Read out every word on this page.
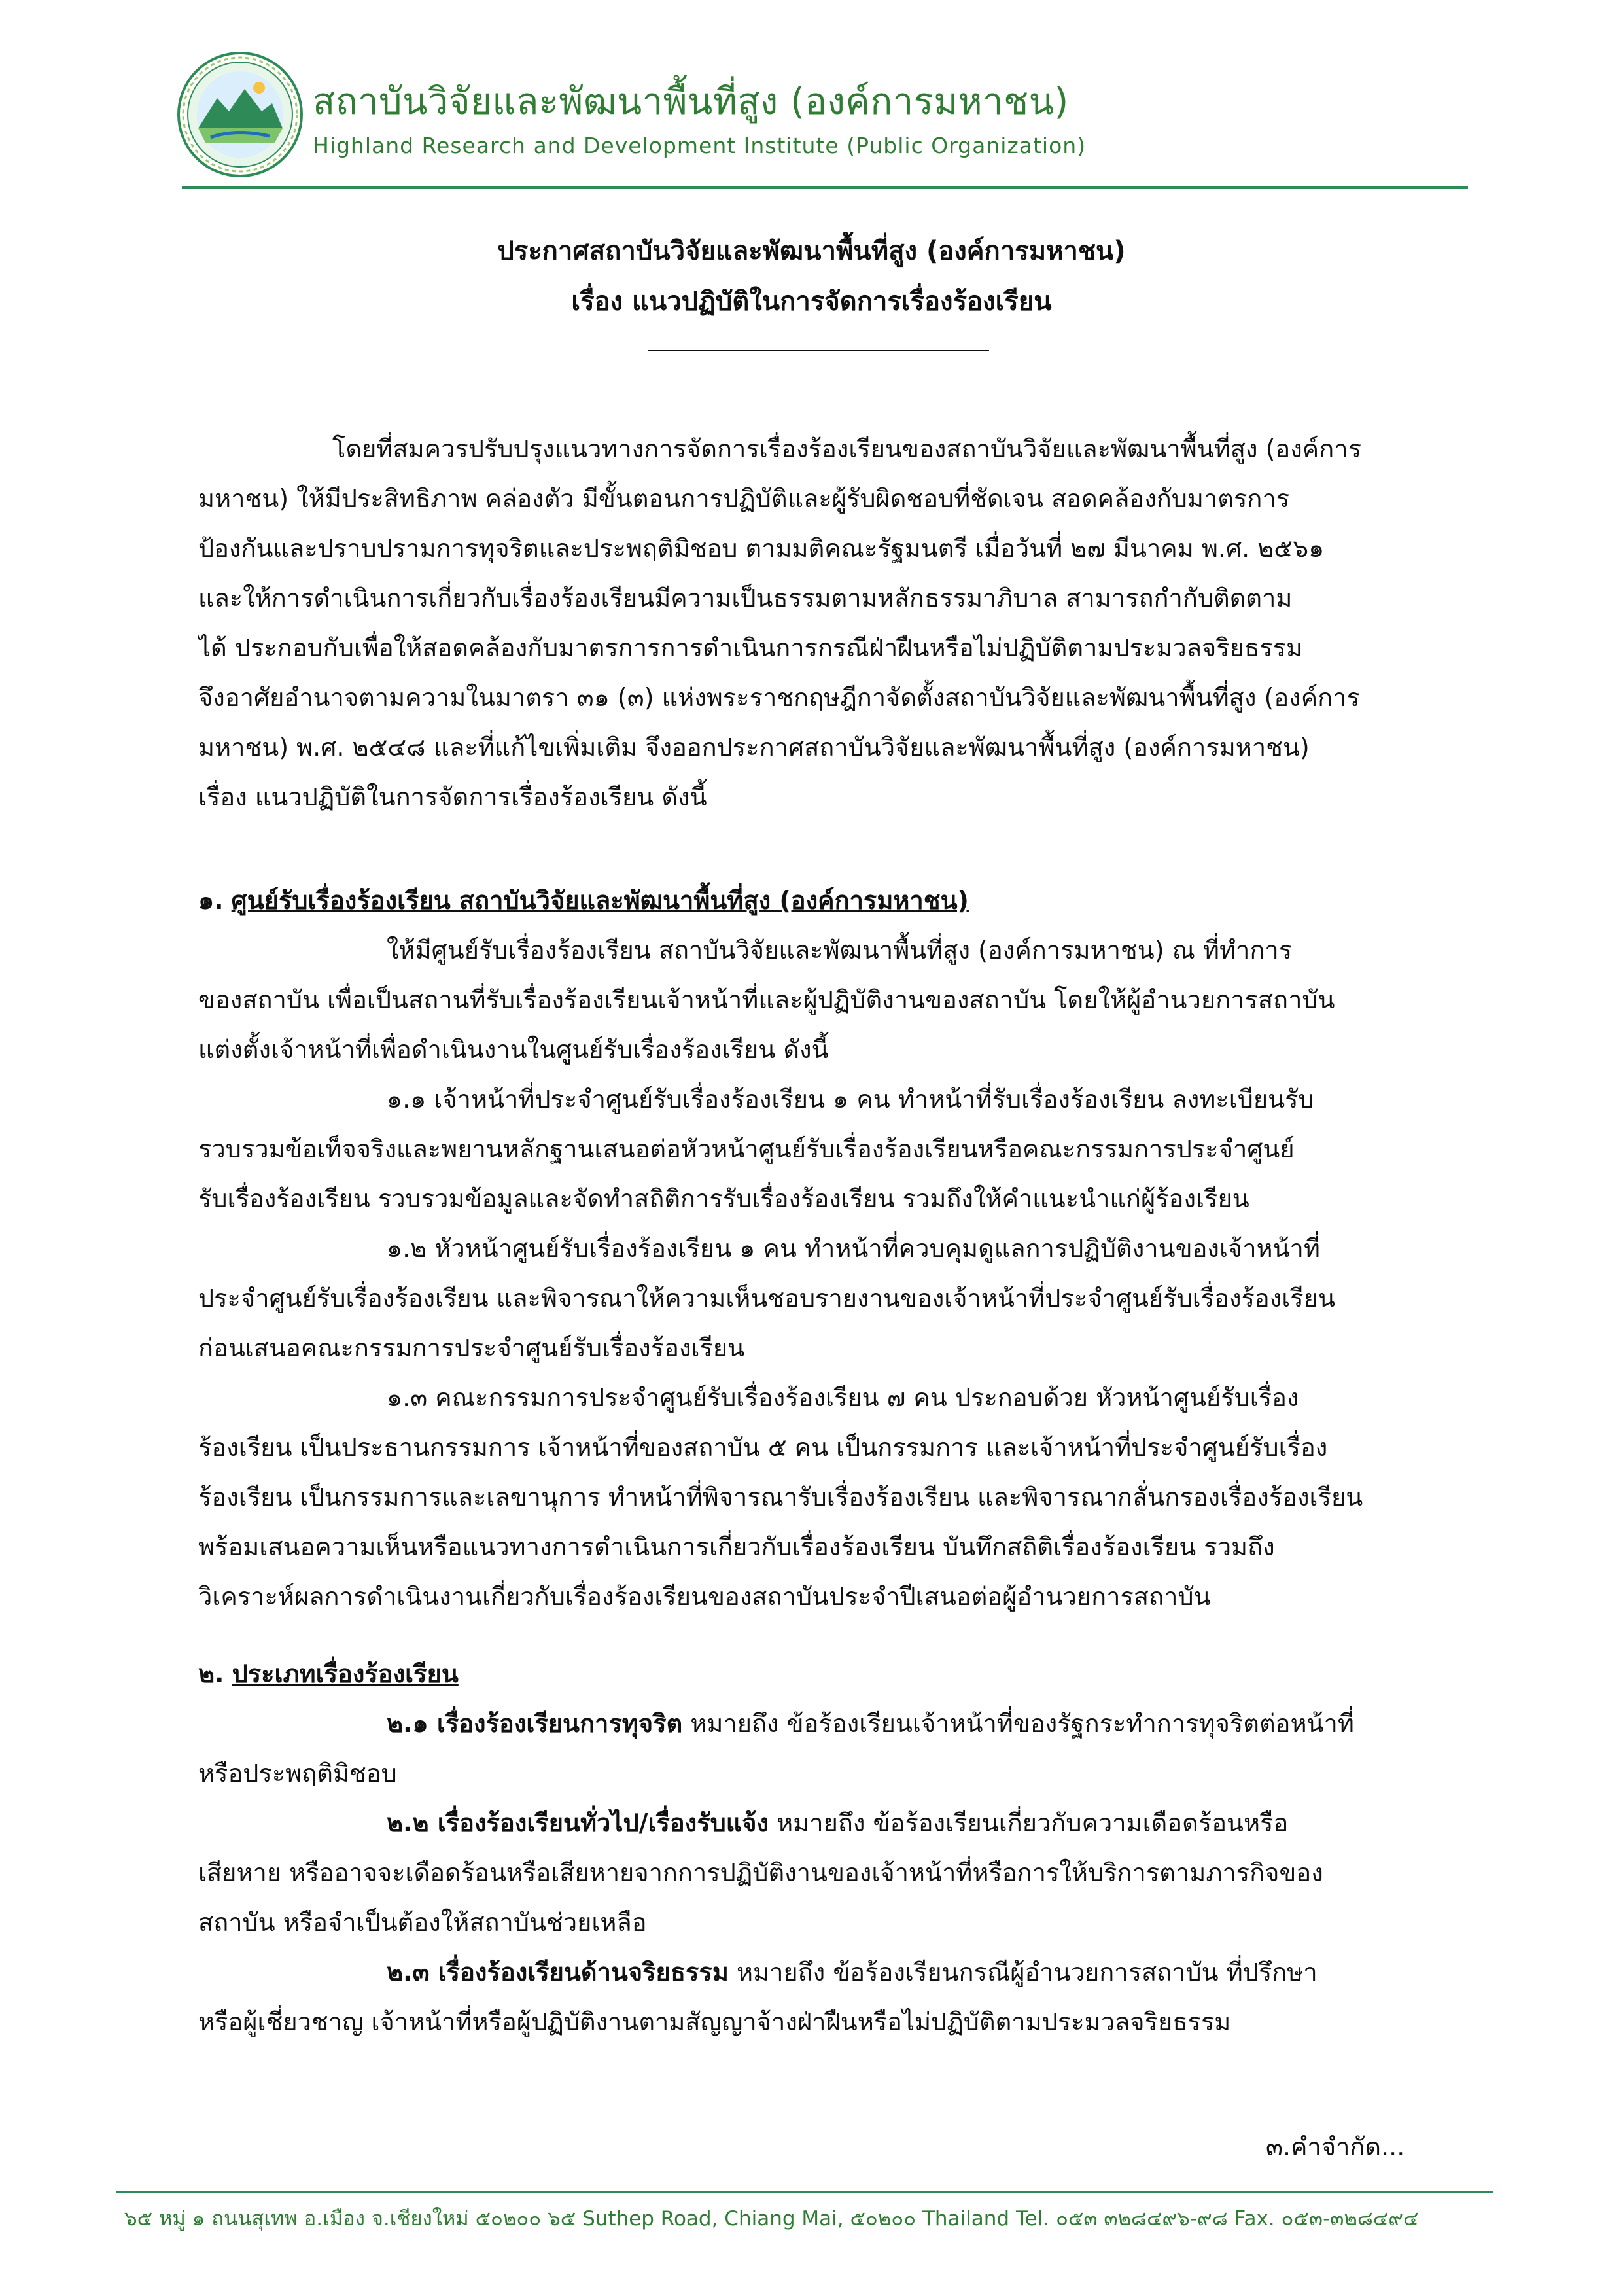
สถาบันวิจัยและพัฒนาพื้นที่สูง (องค์การมหาชน)
Highland Research and Development Institute (Public Organization)
ประกาศสถาบันวิจัยและพัฒนาพื้นที่สูง (องค์การมหาชน)
เรื่อง แนวปฏิบัติในการจัดการเรื่องร้องเรียน
โดยที่สมควรปรับปรุงแนวทางการจัดการเรื่องร้องเรียนของสถาบันวิจัยและพัฒนาพื้นที่สูง (องค์การ
มหาชน) ให้มีประสิทธิภาพ คล่องตัว มีขั้นตอนการปฏิบัติและผู้รับผิดชอบที่ชัดเจน สอดคล้องกับมาตรการ
ป้องกันและปราบปรามการทุจริตและประพฤติมิชอบ ตามมติคณะรัฐมนตรี เมื่อวันที่ ๒๗ มีนาคม พ.ศ. ๒๕๖๑
และให้การดำเนินการเกี่ยวกับเรื่องร้องเรียนมีความเป็นธรรมตามหลักธรรมาภิบาล สามารถกำกับติดตาม
ได้ ประกอบกับเพื่อให้สอดคล้องกับมาตรการการดำเนินการกรณีฝ่าฝืนหรือไม่ปฏิบัติตามประมวลจริยธรรม
จึงอาศัยอำนาจตามความในมาตรา ๓๑ (๓) แห่งพระราชกฤษฎีกาจัดตั้งสถาบันวิจัยและพัฒนาพื้นที่สูง (องค์การ
มหาชน) พ.ศ. ๒๕๔๘ และที่แก้ไขเพิ่มเติม จึงออกประกาศสถาบันวิจัยและพัฒนาพื้นที่สูง (องค์การมหาชน)
เรื่อง แนวปฏิบัติในการจัดการเรื่องร้องเรียน ดังนี้
๑. ศูนย์รับเรื่องร้องเรียน สถาบันวิจัยและพัฒนาพื้นที่สูง (องค์การมหาชน)
ให้มีศูนย์รับเรื่องร้องเรียน สถาบันวิจัยและพัฒนาพื้นที่สูง (องค์การมหาชน) ณ ที่ทำการ
ของสถาบัน เพื่อเป็นสถานที่รับเรื่องร้องเรียนเจ้าหน้าที่และผู้ปฏิบัติงานของสถาบัน โดยให้ผู้อำนวยการสถาบัน
แต่งตั้งเจ้าหน้าที่เพื่อดำเนินงานในศูนย์รับเรื่องร้องเรียน ดังนี้
๑.๑ เจ้าหน้าที่ประจำศูนย์รับเรื่องร้องเรียน ๑ คน ทำหน้าที่รับเรื่องร้องเรียน ลงทะเบียนรับ
รวบรวมข้อเท็จจริงและพยานหลักฐานเสนอต่อหัวหน้าศูนย์รับเรื่องร้องเรียนหรือคณะกรรมการประจำศูนย์
รับเรื่องร้องเรียน รวบรวมข้อมูลและจัดทำสถิติการรับเรื่องร้องเรียน รวมถึงให้คำแนะนำแก่ผู้ร้องเรียน
๑.๒ หัวหน้าศูนย์รับเรื่องร้องเรียน ๑ คน ทำหน้าที่ควบคุมดูแลการปฏิบัติงานของเจ้าหน้าที่
ประจำศูนย์รับเรื่องร้องเรียน และพิจารณาให้ความเห็นชอบรายงานของเจ้าหน้าที่ประจำศูนย์รับเรื่องร้องเรียน
ก่อนเสนอคณะกรรมการประจำศูนย์รับเรื่องร้องเรียน
๑.๓ คณะกรรมการประจำศูนย์รับเรื่องร้องเรียน ๗ คน ประกอบด้วย หัวหน้าศูนย์รับเรื่อง
ร้องเรียน เป็นประธานกรรมการ เจ้าหน้าที่ของสถาบัน ๕ คน เป็นกรรมการ และเจ้าหน้าที่ประจำศูนย์รับเรื่อง
ร้องเรียน เป็นกรรมการและเลขานุการ ทำหน้าที่พิจารณารับเรื่องร้องเรียน และพิจารณากลั่นกรองเรื่องร้องเรียน
พร้อมเสนอความเห็นหรือแนวทางการดำเนินการเกี่ยวกับเรื่องร้องเรียน บันทึกสถิติเรื่องร้องเรียน รวมถึง
วิเคราะห์ผลการดำเนินงานเกี่ยวกับเรื่องร้องเรียนของสถาบันประจำปีเสนอต่อผู้อำนวยการสถาบัน
๒. ประเภทเรื่องร้องเรียน
๒.๑ เรื่องร้องเรียนการทุจริต หมายถึง ข้อร้องเรียนเจ้าหน้าที่ของรัฐกระทำการทุจริตต่อหน้าที่
หรือประพฤติมิชอบ
๒.๒ เรื่องร้องเรียนทั่วไป/เรื่องรับแจ้ง หมายถึง ข้อร้องเรียนเกี่ยวกับความเดือดร้อนหรือ
เสียหาย หรืออาจจะเดือดร้อนหรือเสียหายจากการปฏิบัติงานของเจ้าหน้าที่หรือการให้บริการตามภารกิจของ
สถาบัน หรือจำเป็นต้องให้สถาบันช่วยเหลือ
๒.๓ เรื่องร้องเรียนด้านจริยธรรม หมายถึง ข้อร้องเรียนกรณีผู้อำนวยการสถาบัน ที่ปรึกษา
หรือผู้เชี่ยวชาญ เจ้าหน้าที่หรือผู้ปฏิบัติงานตามสัญญาจ้างฝ่าฝืนหรือไม่ปฏิบัติตามประมวลจริยธรรม
๓.คำจำกัด...
๖๕ หมู่ ๑ ถนนสุเทพ อ.เมือง จ.เชียงใหม่ ๕๐๒๐๐ ๖๕ Suthep Road, Chiang Mai, ๕๐๒๐๐ Thailand Tel. ๐๕๓ ๓๒๘๔๙๖-๙๘ Fax. ๐๕๓-๓๒๘๔๙๔
